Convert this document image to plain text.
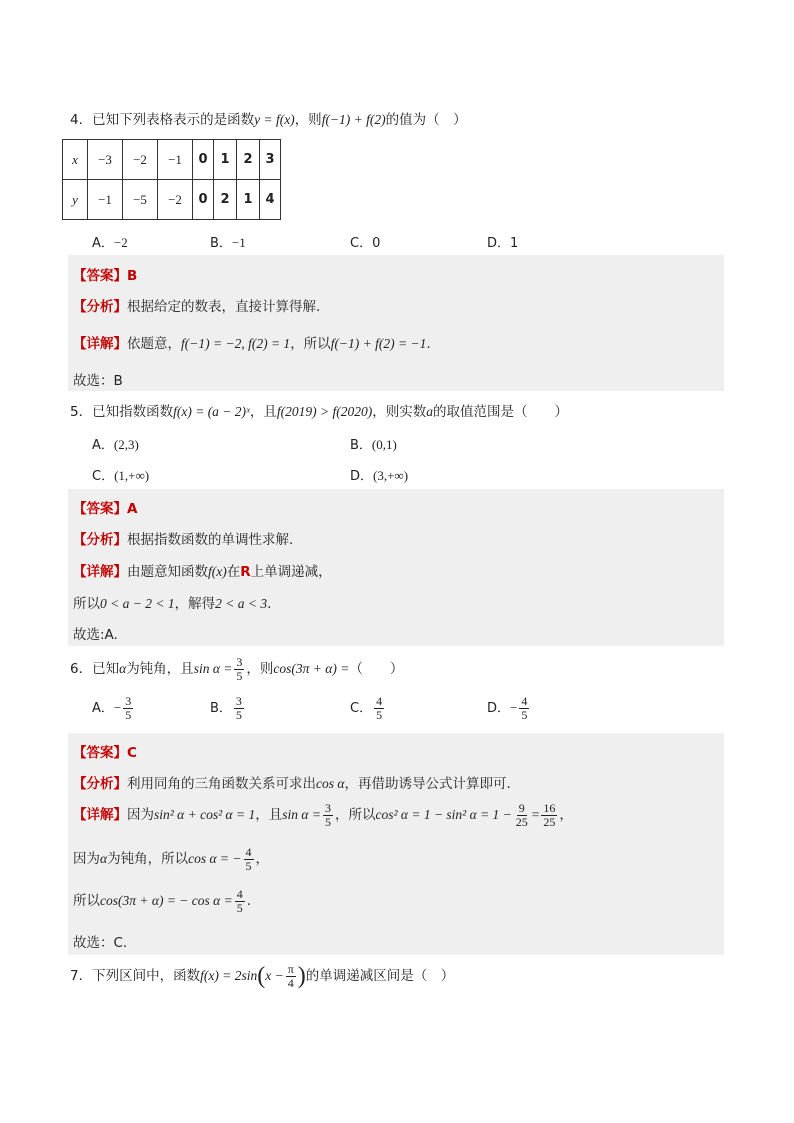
4．已知下列表格表示的是函数y = f(x)，则f(−1) + f(2)的值为（　）
x	−3	−2	−1	0	1	2	3
y	−1	−5	−2	0	2	1	4
A．−2	B．−1	C．0	D．1
【答案】B
【分析】根据给定的数表，直接计算得解.
【详解】依题意，f(−1) = −2, f(2) = 1，所以f(−1) + f(2) = −1.
故选：B
5．已知指数函数f(x) = (a − 2)ˣ，且f(2019) > f(2020)，则实数a的取值范围是（　　）
A．(2,3)	B．(0,1)
C．(1,+∞)	D．(3,+∞)
【答案】A
【分析】根据指数函数的单调性求解.
【详解】由题意知函数f(x)在R上单调递减，
所以0 < a − 2 < 1，解得2 < a < 3.
故选:A.
6．已知α为钝角，且$\sin \alpha = \frac{3}{5}$ ，则cos(3π + α) =（　　）
A．− $\frac{3}{5}$	B． $\frac{3}{5}$	C． $\frac{4}{5}$	D．− $\frac{4}{5}$
【答案】C
【分析】利用同角的三角函数关系可求出cos α，再借助诱导公式计算即可.
【详解】因为sin² α + cos² α = 1，且$\sin \alpha = \frac{3}{5}$ ，所以cos² α = 1 − sin² $\alpha = 1 - \frac{9}{25} = \frac{16}{25}$ ，
因为α为钝角，所以cos α = − $\frac{4}{5}$ ，
所以cos(3π + α) = − $\cos \alpha = \frac{4}{5}$ .
故选：C.
7．下列区间中，函数$f(x) = 2\sin(x - \frac{\pi}{4}$ )的单调递减区间是（　）
